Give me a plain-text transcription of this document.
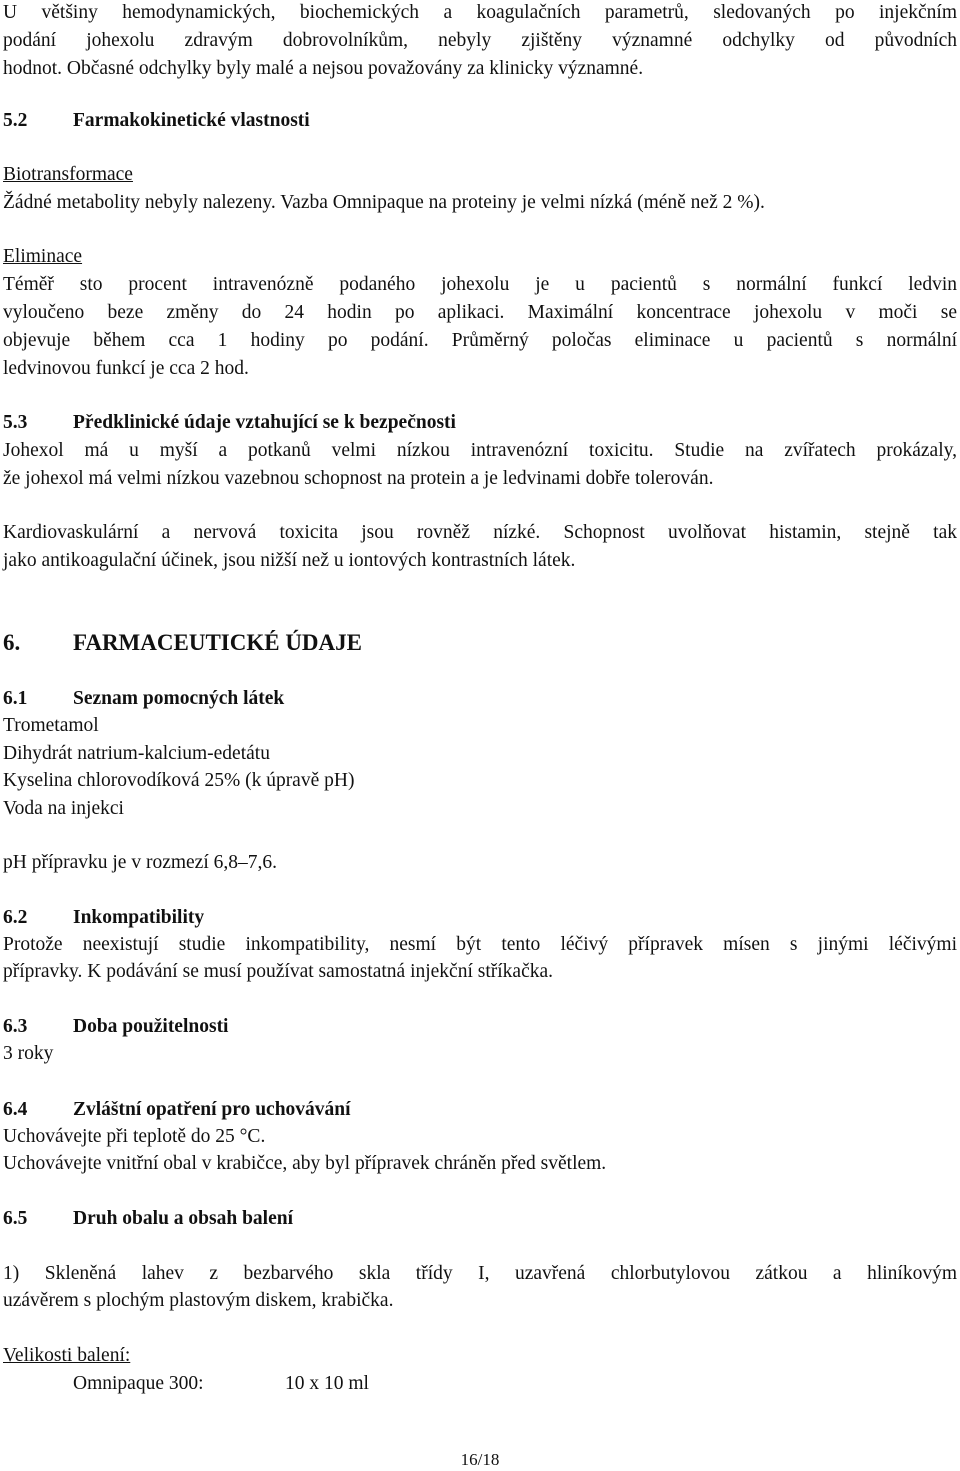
U většiny hemodynamických, biochemických a koagulačních parametrů, sledovaných po injekčním
podání johexolu zdravým dobrovolníkům, nebyly zjištěny významné odchylky od původních
hodnot. Občasné odchylky byly malé a nejsou považovány za klinicky významné.
5.2 Farmakokinetické vlastnosti
Biotransformace
Žádné metabolity nebyly nalezeny. Vazba Omnipaque na proteiny je velmi nízká (méně než 2 %).
Eliminace
Téměř sto procent intravenózně podaného johexolu je u pacientů s normální funkcí ledvin
vyloučeno beze změny do 24 hodin po aplikaci. Maximální koncentrace johexolu v moči se
objevuje během cca 1 hodiny po podání. Průměrný poločas eliminace u pacientů s normální
ledvinovou funkcí je cca 2 hod.
5.3 Předklinické údaje vztahující se k bezpečnosti
Johexol má u myší a potkanů velmi nízkou intravenózní toxicitu. Studie na zvířatech prokázaly,
že johexol má velmi nízkou vazebnou schopnost na protein a je ledvinami dobře tolerován.
Kardiovaskulární a nervová toxicita jsou rovněž nízké. Schopnost uvolňovat histamin, stejně tak
jako antikoagulační účinek, jsou nižší než u iontových kontrastních látek.
6. FARMACEUTICKÉ ÚDAJE
6.1 Seznam pomocných látek
Trometamol
Dihydrát natrium-kalcium-edetátu
Kyselina chlorovodíková 25% (k úpravě pH)
Voda na injekci
pH přípravku je v rozmezí 6,8–7,6.
6.2 Inkompatibility
Protože neexistují studie inkompatibility, nesmí být tento léčivý přípravek mísen s jinými léčivými
přípravky. K podávání se musí používat samostatná injekční stříkačka.
6.3 Doba použitelnosti
3 roky
6.4 Zvláštní opatření pro uchovávání
Uchovávejte při teplotě do 25 °C.
Uchovávejte vnitřní obal v krabičce, aby byl přípravek chráněn před světlem.
6.5 Druh obalu a obsah balení
1) Skleněná lahev z bezbarvého skla třídy I, uzavřená chlorbutylovou zátkou a hliníkovým
uzávěrem s plochým plastovým diskem, krabička.
Velikosti balení:
Omnipaque 300:	10 x 10 ml
16/18
